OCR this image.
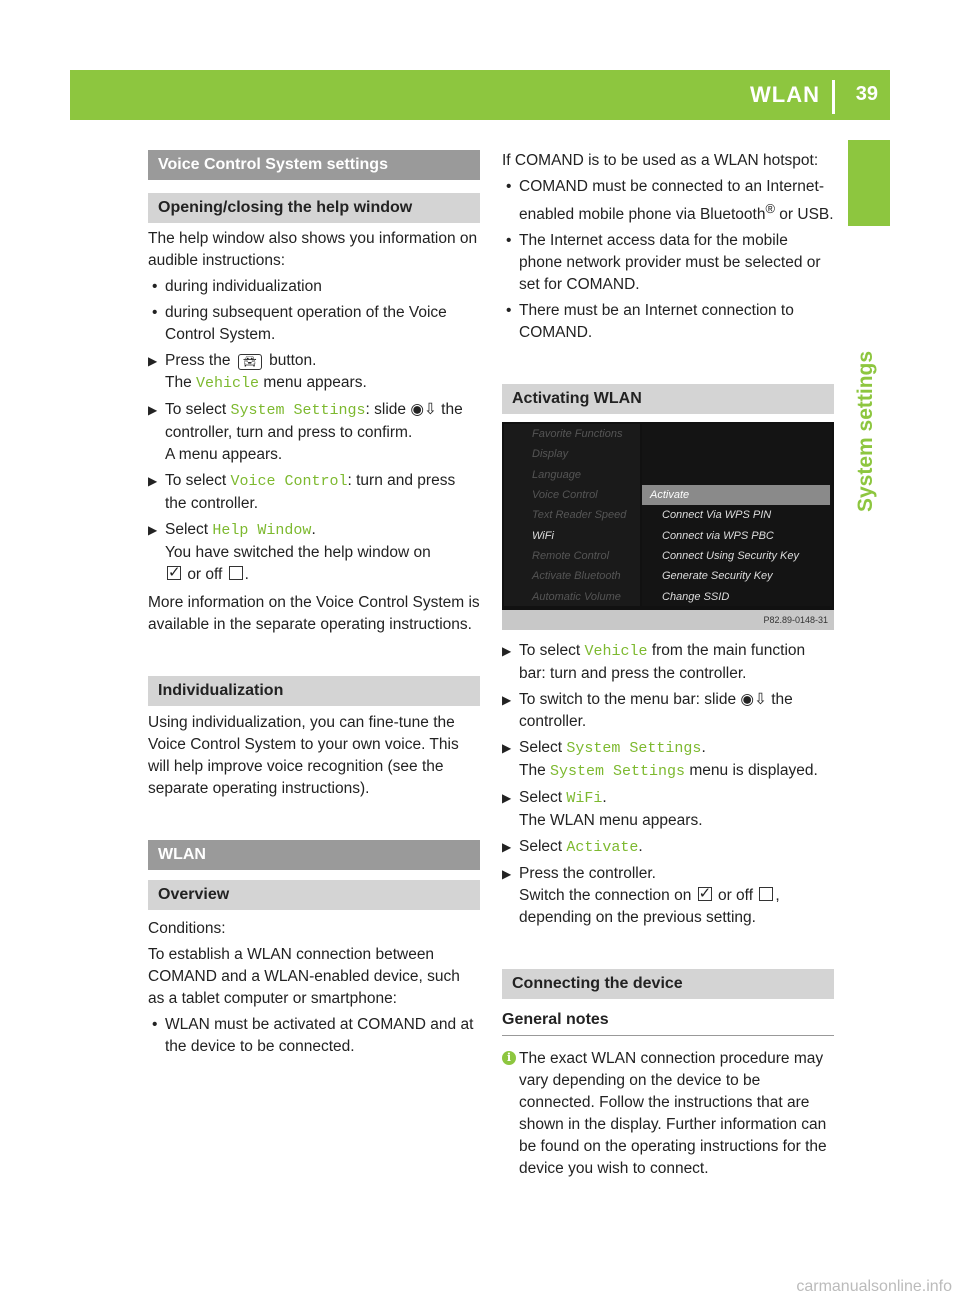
WLAN 39
System settings
Voice Control System settings
Opening/closing the help window

The help window also shows you information on audible instructions:

• during individualization
• during subsequent operation of the Voice Control System.
▶ Press the 🚘︎ button.
The Vehicle menu appears.
▶ To select System Settings: slide ◉⇩ the controller, turn and press to confirm.
A menu appears.
▶ To select Voice Control: turn and press the controller.
▶ Select Help Window.
You have switched the help window on
✓ or off .

More information on the Voice Control System is available in the separate operating instructions.

Individualization

Using individualization, you can fine-tune the Voice Control System to your own voice. This will help improve voice recognition (see the separate operating instructions).

WLAN
Overview

Conditions:

To establish a WLAN connection between COMAND and a WLAN-enabled device, such as a tablet computer or smartphone:

• WLAN must be activated at COMAND and at the device to be connected.

If COMAND is to be used as a WLAN hotspot:

• COMAND must be connected to an Internet-enabled mobile phone via Bluetooth® or USB.
• The Internet access data for the mobile phone network provider must be selected or set for COMAND.
• There must be an Internet connection to COMAND.
Activating WLAN
Favorite Functions
Display
Language
Voice Control
Text Reader Speed
WiFi
Remote Control
Activate Bluetooth
Automatic Volume
Activate
Connect Via WPS PIN
Connect via WPS PBC
Connect Using Security Key
Generate Security Key
Change SSID
P82.89-0148-31
▶ To select Vehicle from the main function bar: turn and press the controller.
▶ To switch to the menu bar: slide ◉⇩ the controller.
▶ Select System Settings.
The System Settings menu is displayed.
▶ Select WiFi.
The WLAN menu appears.
▶ Select Activate.
▶ Press the controller.
Switch the connection on ✓ or off ,
depending on the previous setting.
Connecting the device
General notes
i The exact WLAN connection procedure may vary depending on the device to be connected. Follow the instructions that are shown in the display. Further information can be found on the operating instructions for the device you wish to connect.
carmanualsonline.info
